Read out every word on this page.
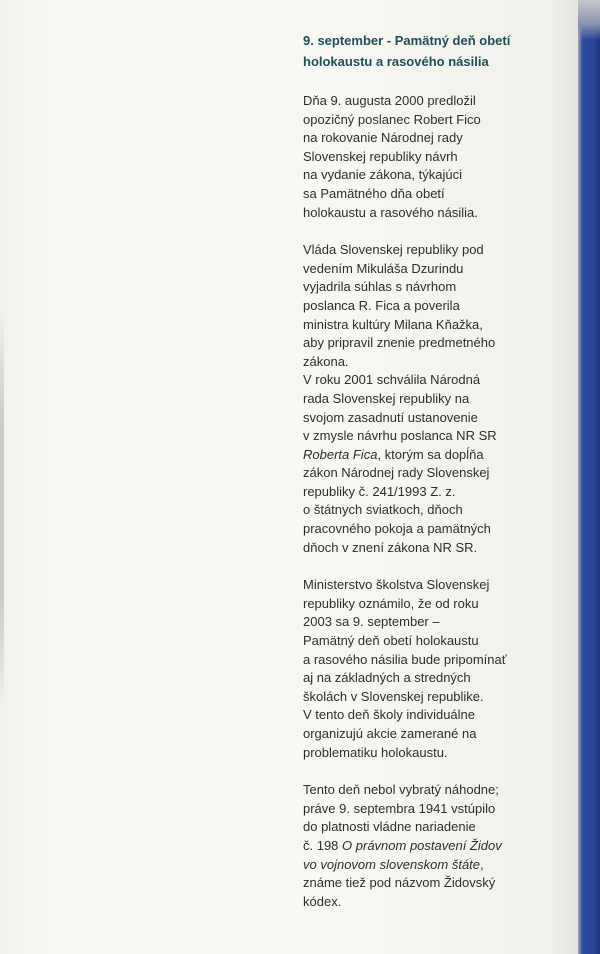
9. september - Pamätný deň obetí
holokaustu a rasového násilia
Dňa 9. augusta 2000 predložil
opozičný poslanec Robert Fico
na rokovanie Národnej rady
Slovenskej republiky návrh
na vydanie zákona, týkajúci
sa Pamätného dňa obetí
holokaustu a rasového násilia.
Vláda Slovenskej republiky pod
vedením Mikuláša Dzurindu
vyjadrila súhlas s návrhom
poslanca R. Fica a poverila
ministra kultúry Milana Kňažka,
aby pripravil znenie predmetného
zákona.
V roku 2001 schválila Národná
rada Slovenskej republiky na
svojom zasadnutí ustanovenie
v zmysle návrhu poslanca NR SR
Roberta Fica, ktorým sa dopĺňa
zákon Národnej rady Slovenskej
republiky č. 241/1993 Z. z.
o štátnych sviatkoch, dňoch
pracovného pokoja a pamätných
dňoch v znení zákona NR SR.
Ministerstvo školstva Slovenskej
republiky oznámilo, že od roku
2003 sa 9. september –
Pamätný deň obetí holokaustu
a rasového násilia bude pripomínať
aj na základných a stredných
školách v Slovenskej republike.
V tento deň školy individuálne
organizujú akcie zamerané na
problematiku holokaustu.
Tento deň nebol vybratý náhodne;
práve 9. septembra 1941 vstúpilo
do platnosti vládne nariadenie
č. 198 O právnom postavení Židov
vo vojnovom slovenskom štáte,
známe tiež pod názvom Židovský
kódex.
